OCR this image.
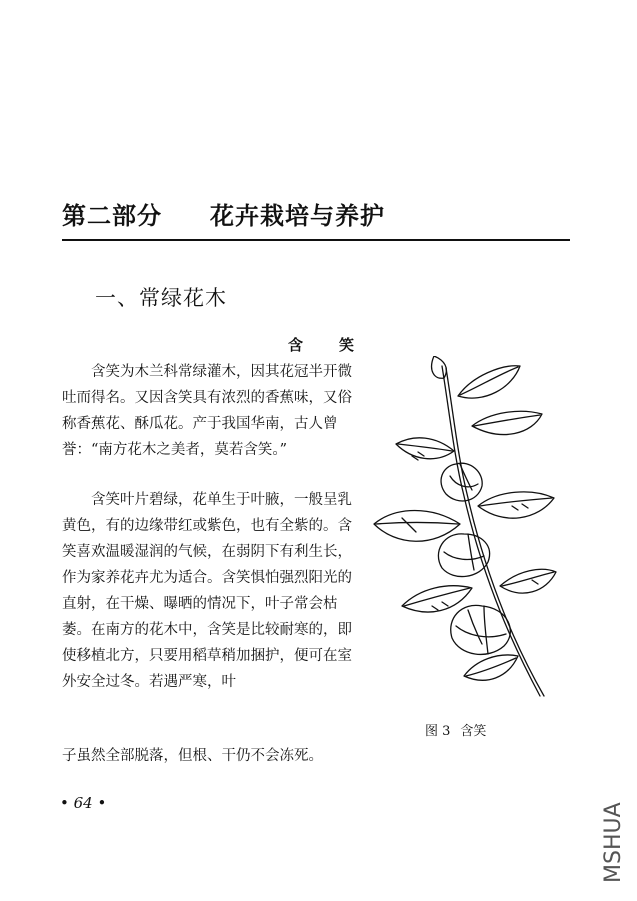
第二部分 花卉栽培与养护
一、常绿花木
含 笑

含笑为木兰科常绿灌木，因其花冠半开微吐而得名。又因含笑具有浓烈的香蕉味，又俗称香蕉花、酥瓜花。产于我国华南，古人曾誉：“南方花木之美者，莫若含笑。”

含笑叶片碧绿，花单生于叶腋，一般呈乳黄色，有的边缘带红或紫色，也有全紫的。含笑喜欢温暖湿润的气候，在弱阴下有利生长，作为家养花卉尤为适合。含笑惧怕强烈阳光的直射，在干燥、曝晒的情况下，叶子常会枯萎。在南方的花木中，含笑是比较耐寒的，即使移植北方，只要用稻草稍加捆护，便可在室外安全过冬。若遇严寒，叶

子虽然全部脱落，但根、干仍不会冻死。
图 3 含笑
• 64 •	MSHUA
